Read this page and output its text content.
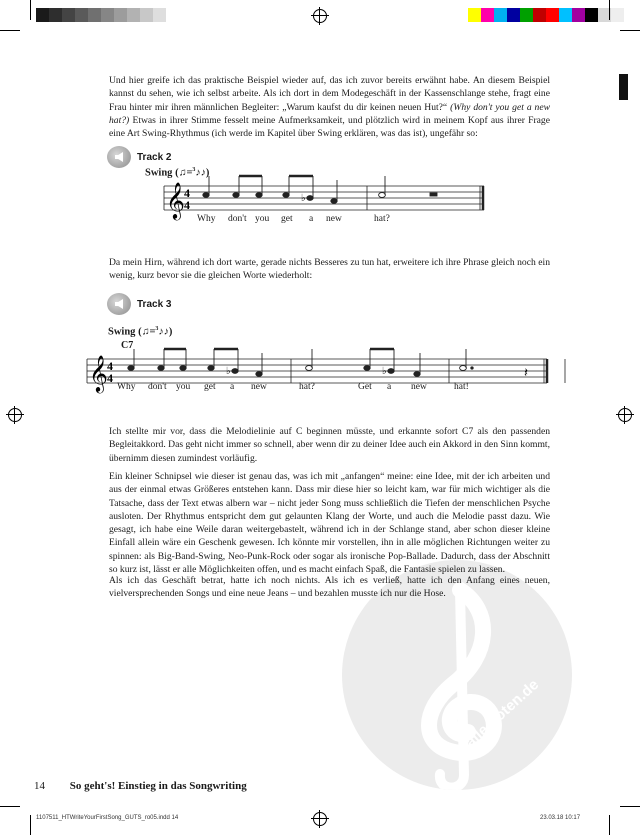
alle-noten.de

Und hier greife ich das praktische Beispiel wieder auf, das ich zuvor bereits erwähnt habe. An diesem Beispiel kannst du sehen, wie ich selbst arbeite. Als ich dort in dem Modegeschäft in der Kassenschlange stehe, fragt eine Frau hinter mir ihren männlichen Begleiter: „Warum kaufst du dir keinen neuen Hut?“ (Why don't you get a new hat?) Etwas in ihrer Stimme fesselt meine Aufmerksamkeit, und plötzlich wird in meinem Kopf aus ihrer Frage eine Art Swing-Rhythmus (ich werde im Kapitel über Swing erklären, was das ist), ungefähr so:

Track 2
Swing (♫=$^3$♪♪)
𝄞 4
4	♭
Why don't you get a new	hat?

Da mein Hirn, während ich dort warte, gerade nichts Besseres zu tun hat, erweitere ich ihre Phrase gleich noch ein wenig, kurz bevor sie die gleichen Worte wiederholt:

Track 3
Swing (♫=$^3$♪♪)
C7
𝄞 4
4	♭	♭	𝄽
Why don't you get a new	hat?	Get a new	hat!

Ich stellte mir vor, dass die Melodielinie auf C beginnen müsste, und erkannte sofort C7 als den passenden Begleitakkord. Das geht nicht immer so schnell, aber wenn dir zu deiner Idee auch ein Akkord in den Sinn kommt, übernimm diesen zumindest vorläufig.

Ein kleiner Schnipsel wie dieser ist genau das, was ich mit „anfangen“ meine: eine Idee, mit der ich arbeiten und aus der einmal etwas Größeres entstehen kann. Dass mir diese hier so leicht kam, war für mich wichtiger als die Tatsache, dass der Text etwas albern war – nicht jeder Song muss schließlich die Tiefen der menschlichen Psyche ausloten. Der Rhythmus entspricht dem gut gelaunten Klang der Worte, und auch die Melodie passt dazu. Wie gesagt, ich habe eine Weile daran weitergebastelt, während ich in der Schlange stand, aber schon dieser kleine Einfall allein wäre ein Geschenk gewesen. Ich könnte mir vorstellen, ihn in alle möglichen Richtungen weiter zu spinnen: als Big-Band-Swing, Neo-Punk-Rock oder sogar als ironische Pop-Ballade. Dadurch, dass der Abschnitt so kurz ist, lässt er alle Möglichkeiten offen, und es macht einfach Spaß, die Fantasie spielen zu lassen.

Als ich das Geschäft betrat, hatte ich noch nichts. Als ich es verließ, hatte ich den Anfang eines neuen, vielversprechenden Songs und eine neue Jeans – und bezahlen musste ich nur die Hose.

14 So geht's! Einstieg in das Songwriting
1107511_HTWriteYourFirstSong_GUTS_ro05.indd 14	23.03.18 10:17
